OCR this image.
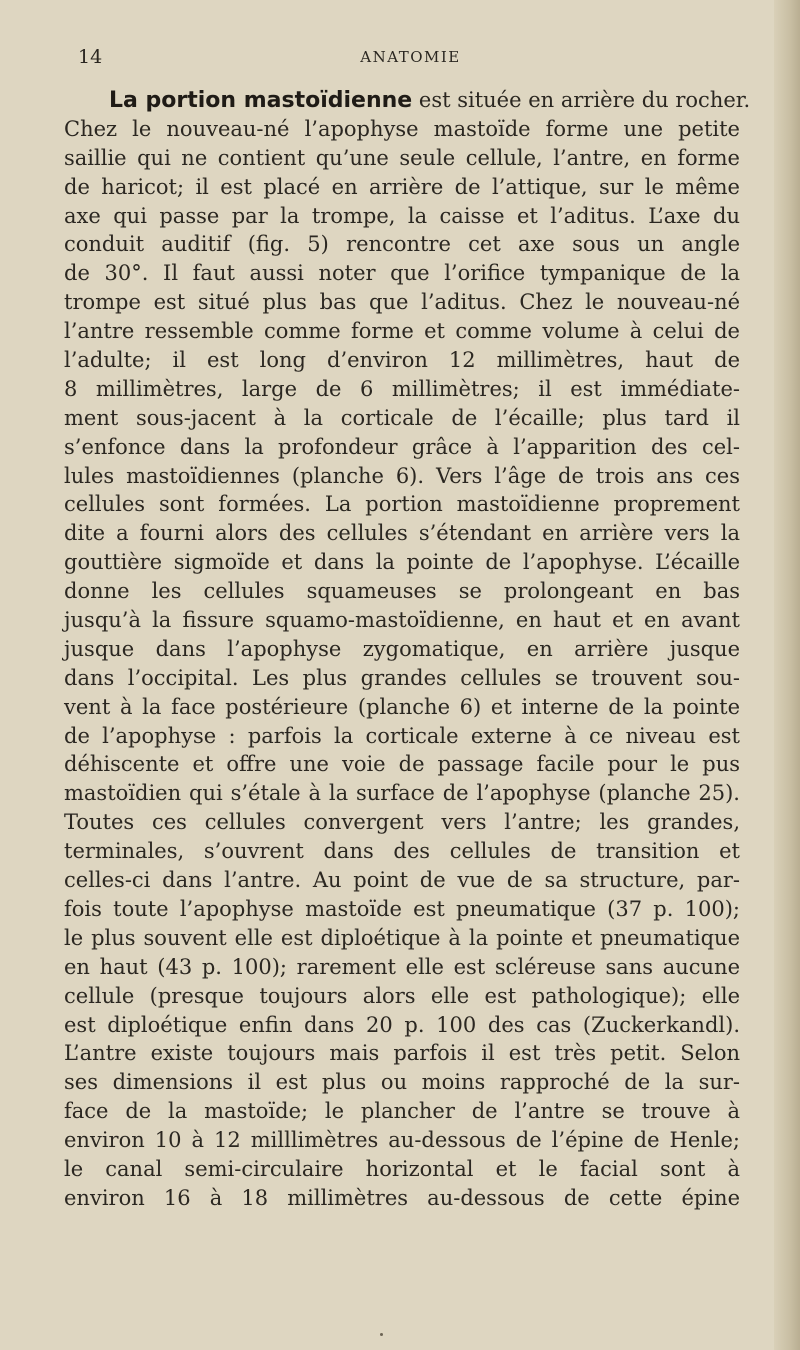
14	ANATOMIE
La portion mastoïdienne est située en arrière du rocher.
Chez le nouveau-né l’apophyse mastoïde forme une petite
saillie qui ne contient qu’une seule cellule, l’antre, en forme
de haricot; il est placé en arrière de l’attique, sur le même
axe qui passe par la trompe, la caisse et l’aditus. L’axe du
conduit auditif (fig. 5) rencontre cet axe sous un angle
de 30°. Il faut aussi noter que l’orifice tympanique de la
trompe est situé plus bas que l’aditus. Chez le nouveau-né
l’antre ressemble comme forme et comme volume à celui de
l’adulte; il est long d’environ 12 millimètres, haut de
8 millimètres, large de 6 millimètres; il est immédiate-
ment sous-jacent à la corticale de l’écaille; plus tard il
s’enfonce dans la profondeur grâce à l’apparition des cel-
lules mastoïdiennes (planche 6). Vers l’âge de trois ans ces
cellules sont formées. La portion mastoïdienne proprement
dite a fourni alors des cellules s’étendant en arrière vers la
gouttière sigmoïde et dans la pointe de l’apophyse. L’écaille
donne les cellules squameuses se prolongeant en bas
jusqu’à la fissure squamo-mastoïdienne, en haut et en avant
jusque dans l’apophyse zygomatique, en arrière jusque
dans l’occipital. Les plus grandes cellules se trouvent sou-
vent à la face postérieure (planche 6) et interne de la pointe
de l’apophyse : parfois la corticale externe à ce niveau est
déhiscente et offre une voie de passage facile pour le pus
mastoïdien qui s’étale à la surface de l’apophyse (planche 25).
Toutes ces cellules convergent vers l’antre; les grandes,
terminales, s’ouvrent dans des cellules de transition et
celles-ci dans l’antre. Au point de vue de sa structure, par-
fois toute l’apophyse mastoïde est pneumatique (37 p. 100);
le plus souvent elle est diploétique à la pointe et pneumatique
en haut (43 p. 100); rarement elle est scléreuse sans aucune
cellule (presque toujours alors elle est pathologique); elle
est diploétique enfin dans 20 p. 100 des cas (Zuckerkandl).
L’antre existe toujours mais parfois il est très petit. Selon
ses dimensions il est plus ou moins rapproché de la sur-
face de la mastoïde; le plancher de l’antre se trouve à
environ 10 à 12 milllimètres au-dessous de l’épine de Henle;
le canal semi-circulaire horizontal et le facial sont à
environ 16 à 18 millimètres au-dessous de cette épine
